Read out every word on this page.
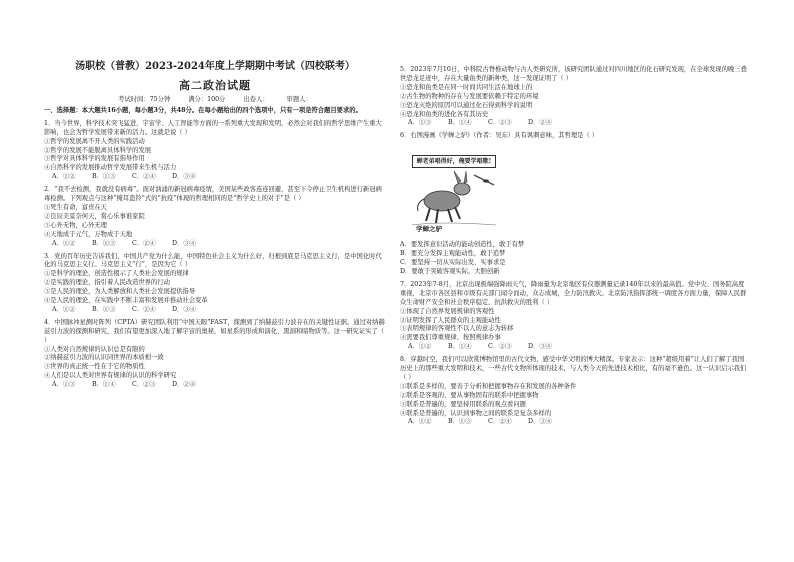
汤职校（普教）2023-2024年度上学期期中考试（四校联考）
高二政治试题
考试时间：75分钟	满分：100分	出卷人：	审题人：
一、选择题：本大题共16小题，每小题3分，共48分。在每小题给出的四个选项中，只有一项是符合题目要求的。

1．当今世界，科学技术突飞猛进，宇宙学、人工智能等方面的一系列重大发现和发明，必然会对我们的哲学思维产生重大影响，也会为哲学发展带来新的活力。这就是说（ ）

①哲学的发展离不开人类的实践活动

②哲学的发展不能脱离具体科学的发展

③哲学对具体科学的发展有指导作用

④自然科学的发展推动哲学发展带来生机与活力

A．①②	B．①③	C．②④	D．③④

2．“我不去检测，我就没有病毒”。面对汹涌的新冠病毒疫情，美国某些政客连连回避，甚至下令停止卫生机构进行新冠病毒检测。下列观点与这种“掩耳盗铃”式的“抗疫”体现的哲理相同的是“哲学史上的对手”是（ ）

①死生有命，富贵在天

②良辰美景奈何天，赏心乐事谁家院

③心外无物，心外无理

④天地成于元气，万物成于天地

A．①②	B．①③	C．②④	D．③④

3．党的百年历史告诉我们，中国共产党为什么能，中国特色社会主义为什么好，归根到底是马克思主义行，是中国化时代化的马克思主义行。马克思主义“行”，是因为它（ ）

①是科学的理论，创造性揭示了人类社会发展的规律

②是实践的理论，指引着人民改造世界的行动

③是人民的理论，为人类解放和人类社会发展提供指导

④是人民的理论，在实践中不断丰富和发展并推动社会变革

A．①②	B．①③	C．②④	D．③④

4．中国脉冲星测时阵列（CPTA）研究团队利用“中国天眼”FAST，探测到了纳赫兹引力波存在的关键性证据。通过对纳赫兹引力波的探测和研究，我们有望更加深入地了解宇宙的奥秘，如星系的形成和演化、黑洞和暗物质等。这一研究证实了（ ）

①人类对自然规律的认识总是有限的

②纳赫兹引力波的认识同世界的本质相一致

③世界的真正统一性在于它的物质性

④人们是以人类对世界有规律的认识的科学研究

A．①③	B．①④	C．②③	D．②④

5．2023年7月10日，中科院古脊椎动物与古人类研究所，该研究团队通过对四川地区的化石研究发现，在全球发现的晚三叠世恐龙足迹中，存在大量鱼类的新种类，这一发现证明了（ ）

①恐龙和鱼类是在同一时间共同生活在地球上的

②古生物的物种的存在与发展要依赖于特定的环境

③恐龙灭绝的原因可以通过化石得到科学的说明

④恐龙和鱼类的进化各有其历史

A．①③	B．①④	C．②③	D．②④

6．右图漫画《学蝉之驴》（作者：吴东）具有讽刺意味，其哲理是（ ）

蝉老弟唱得好，俺要学唱歌!
学蝉之驴

A．要发挥意识活动的能动创造性，敢于有梦

B．要充分发挥主观能动性，敢于追梦

C．要坚持一切从实际出发，实事求是

D．要敢于突破客观实际，大胆创新

7．2023年7-8月，北京出现极端强降雨天气，降雨量为北京地区有仪器测量记录140年以来的最高值。党中央、国务院高度重视，北京市各区县和市级有关部门闻令而动，众志成城，全力防汛救灾。北京防汛指挥部统一调度各方面力量，保障人民群众生命财产安全和社会秩序稳定，抗洪救灾的胜利（ ）

①体现了自然界发展规律的客观性

②证明发挥了人民群众的主观能动性

③表明规律的客观性不以人的意志为转移

④需要我们尊重规律、按照规律办事

A．①②	B．①④	C．②③	D．③④

8．穿越时空，我们可以欣赏博物馆里的古代文物，感受中华文明的博大精深。专家表示：这种“超级用着”让人们了解了我国历史上的那些重大发明和技术，一些古代文物所体现的技术，与人类今天的先进技术相比，有的毫不逊色。这一认识启示我们（ ）

①联系是多样的，要善于分析和把握事物存在和发展的各种条件

②联系是客观的，要从事物固有的联系中把握事物

③联系是普遍的，要坚持用联系的观点看问题

④联系是普遍的，认识到事物之间的联系是复杂多样的

A．①②	B．①③	C．②④	D．③④
